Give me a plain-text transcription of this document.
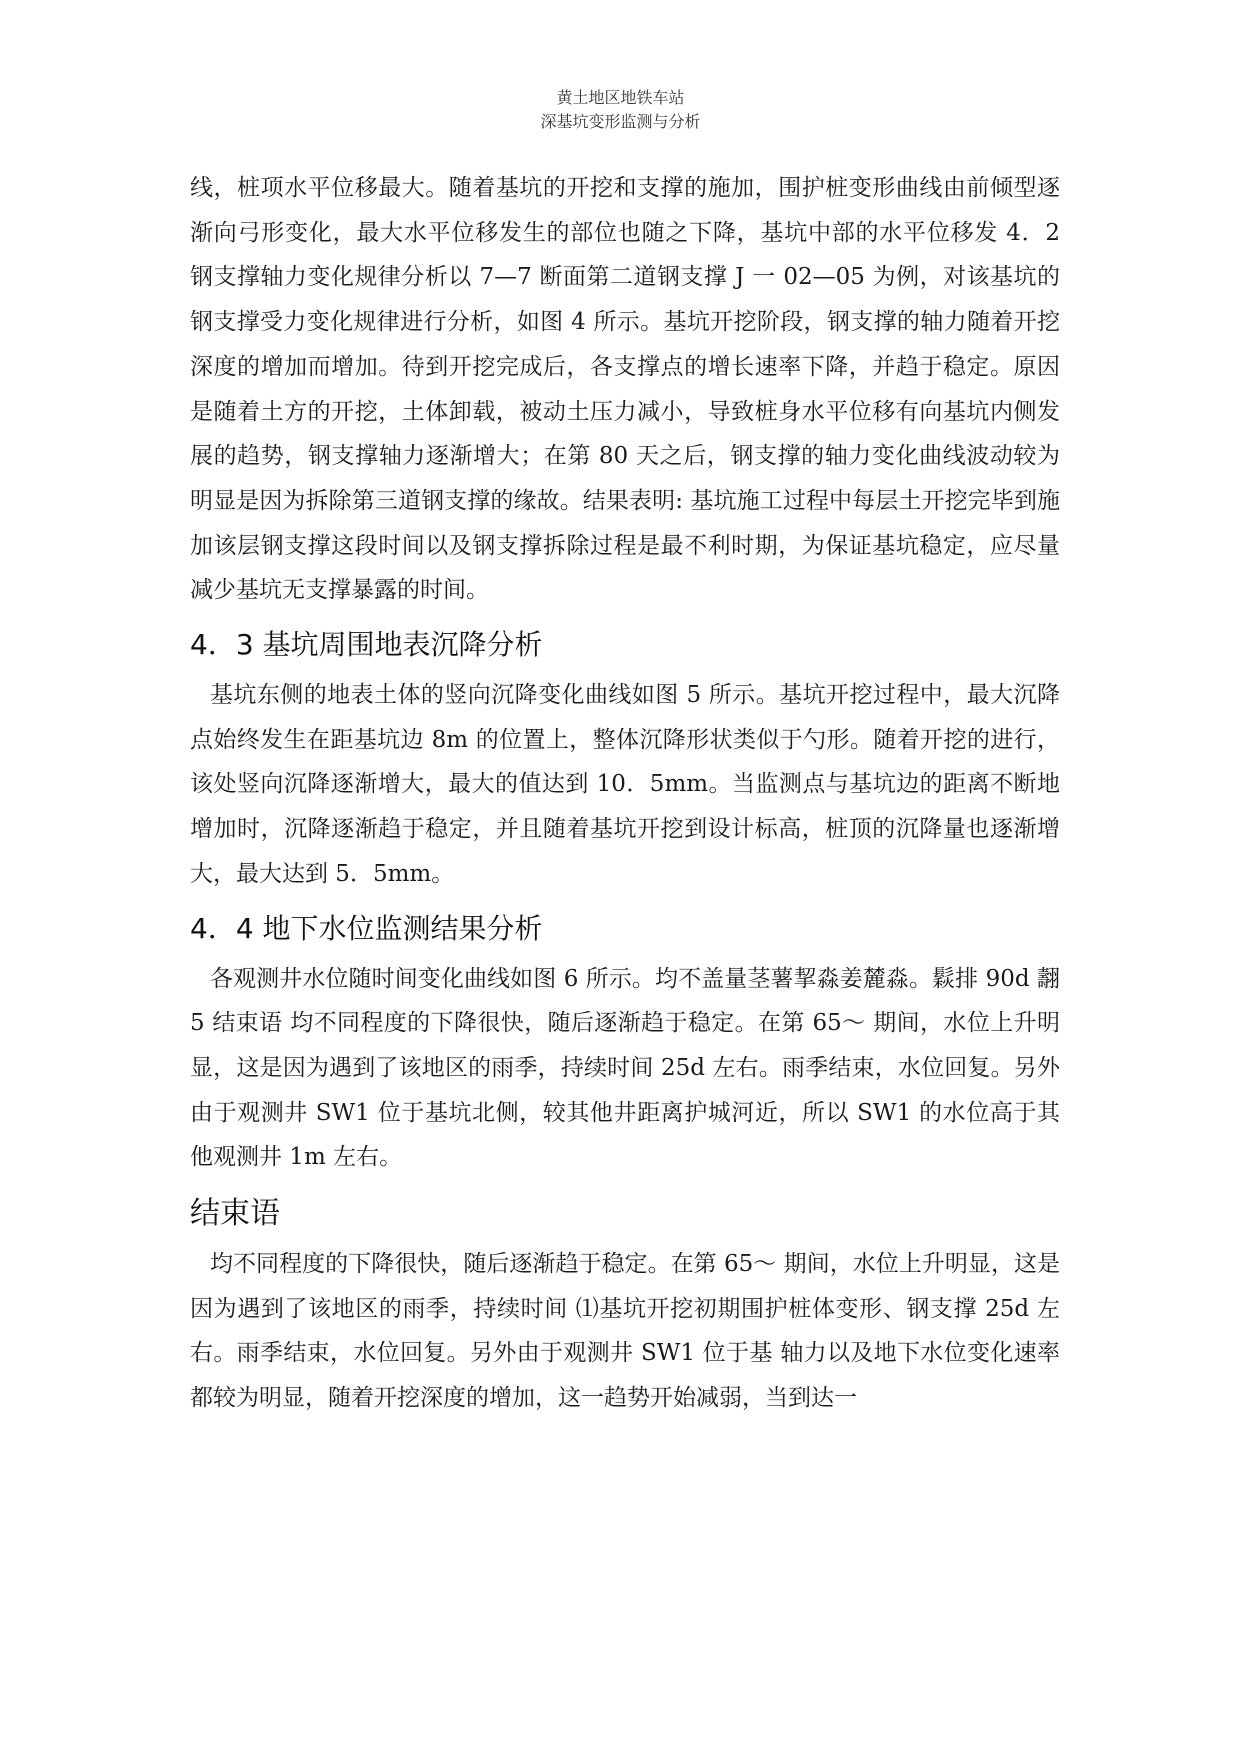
黄土地区地铁车站
深基坑变形监测与分析

线，桩项水平位移最大。随着基坑的开挖和支撑的施加，围护桩变形曲线由前倾型逐渐向弓形变化，最大水平位移发生的部位也随之下降，基坑中部的水平位移发 4．2 钢支撑轴力变化规律分析以 7—7 断面第二道钢支撑 J 一 02—05 为例，对该基坑的钢支撑受力变化规律进行分析，如图 4 所示。基坑开挖阶段，钢支撑的轴力随着开挖深度的增加而增加。待到开挖完成后，各支撑点的增长速率下降，并趋于稳定。原因是随着土方的开挖，土体卸载，被动土压力减小，导致桩身水平位移有向基坑内侧发展的趋势，钢支撑轴力逐渐增大；在第 80 天之后，钢支撑的轴力变化曲线波动较为明显是因为拆除第三道钢支撑的缘故。结果表明: 基坑施工过程中每层土开挖完毕到施加该层钢支撑这段时间以及钢支撑拆除过程是最不利时期，为保证基坑稳定，应尽量减少基坑无支撑暴露的时间。

4．3 基坑周围地表沉降分析

基坑东侧的地表土体的竖向沉降变化曲线如图 5 所示。基坑开挖过程中，最大沉降点始终发生在距基坑边 8m 的位置上，整体沉降形状类似于勺形。随着开挖的进行，该处竖向沉降逐渐增大，最大的值达到 10．5mm。当监测点与基坑边的距离不断地增加时，沉降逐渐趋于稳定，并且随着基坑开挖到设计标高，桩顶的沉降量也逐渐增大，最大达到 5．5mm。

4．4 地下水位监测结果分析

各观测井水位随时间变化曲线如图 6 所示。均不盖量茎薯挈淼姜麓淼。鬏排 90d 翿 5 结束语 均不同程度的下降很快，随后逐渐趋于稳定。在第 65～ 期间，水位上升明显，这是因为遇到了该地区的雨季，持续时间 25d 左右。雨季结束，水位回复。另外由于观测井 SW1 位于基坑北侧，较其他井距离护城河近，所以 SW1 的水位高于其他观测井 1m 左右。

结束语

均不同程度的下降很快，随后逐渐趋于稳定。在第 65～ 期间，水位上升明显，这是因为遇到了该地区的雨季，持续时间 ⑴基坑开挖初期围护桩体变形、钢支撑 25d 左右。雨季结束，水位回复。另外由于观测井 SW1 位于基 轴力以及地下水位变化速率都较为明显，随着开挖深度的增加，这一趋势开始减弱，当到达一
